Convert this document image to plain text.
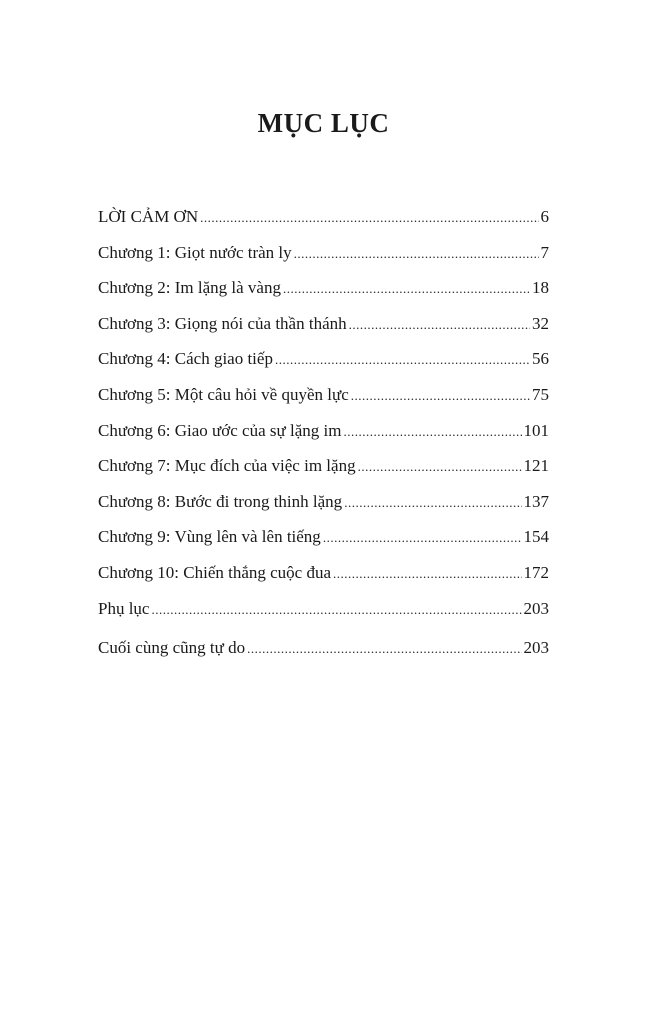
MỤC LỤC
LỜI CẢM ƠN .....	6
Chương 1: Giọt nước tràn ly .....	7
Chương 2: Im lặng là vàng .....	18
Chương 3: Giọng nói của thần thánh .....	32
Chương 4: Cách giao tiếp .....	56
Chương 5: Một câu hỏi về quyền lực .....	75
Chương 6: Giao ước của sự lặng im .....	101
Chương 7: Mục đích của việc im lặng .....	121
Chương 8: Bước đi trong thinh lặng .....	137
Chương 9: Vùng lên và lên tiếng .....	154
Chương 10: Chiến thắng cuộc đua .....	172
Phụ lục .....	203
Cuối cùng cũng tự do .....	203
